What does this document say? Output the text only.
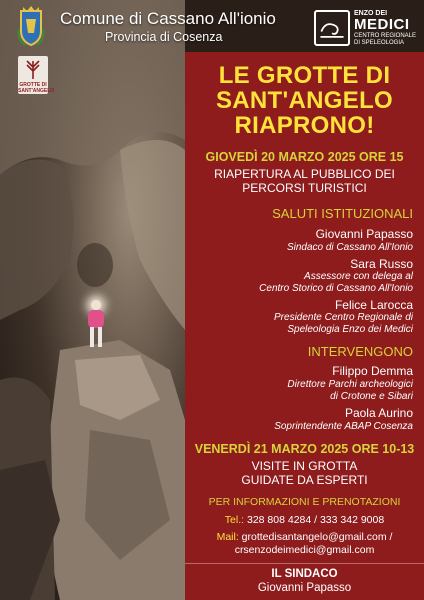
Comune di Cassano All'ionio
Provincia di Cosenza
ENZO DEI
MEDICI
CENTRO REGIONALE
DI SPELEOLOGIA
GROTTE DI
SANT'ANGELO
LE GROTTE DI
SANT'ANGELO
RIAPRONO!
GIOVEDÌ 20 MARZO 2025 ORE 15
RIAPERTURA AL PUBBLICO DEI
PERCORSI TURISTICI
SALUTI ISTITUZIONALI
Giovanni Papasso
Sindaco di Cassano All'Ionio
Sara Russo
Assessore con delega al
Centro Storico di Cassano All'Ionio
Felice Larocca
Presidente Centro Regionale di
Speleologia Enzo dei Medici
INTERVENGONO
Filippo Demma
Direttore Parchi archeologici
di Crotone e Sibari
Paola Aurino
Soprintendente ABAP Cosenza
VENERDÌ 21 MARZO 2025 ORE 10-13
VISITE IN GROTTA
GUIDATE DA ESPERTI
PER INFORMAZIONI E PRENOTAZIONI
Tel.: 328 808 4284 / 333 342 9008
Mail: grottedisantangelo@gmail.com /
crsenzodeimedici@gmail.com
IL SINDACO
Giovanni Papasso
